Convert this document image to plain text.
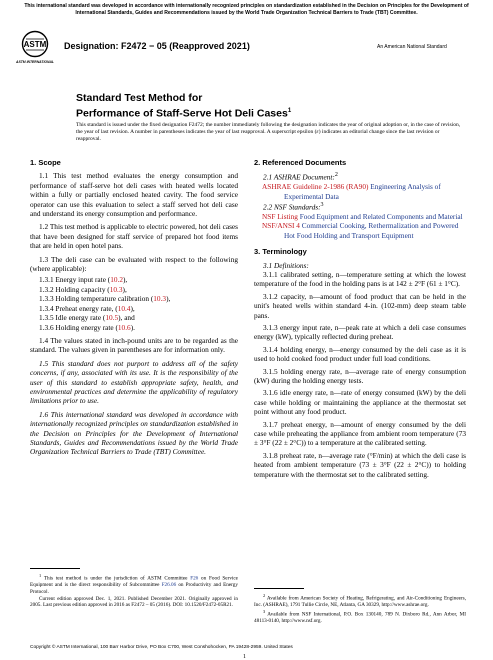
This international standard was developed in accordance with internationally recognized principles on standardization established in the Decision on Principles for the Development of International Standards, Guides and Recommendations issued by the World Trade Organization Technical Barriers to Trade (TBT) Committee.
ASTM
ASTM INTERNATIONAL
Designation: F2472 − 05 (Reapproved 2021)	An American National Standard
Standard Test Method for
Performance of Staff-Serve Hot Deli Cases$^1$
This standard is issued under the fixed designation F2472; the number immediately following the designation indicates the year of original adoption or, in the case of revision, the year of last revision. A number in parentheses indicates the year of last reapproval. A superscript epsilon (ε) indicates an editorial change since the last revision or reapproval.

1. Scope

1.1 This test method evaluates the energy consumption and performance of staff-serve hot deli cases with heated wells located within a fully or partially enclosed heated cavity. The food service operator can use this evaluation to select a staff served hot deli case and understand its energy consumption and performance.

1.2 This test method is applicable to electric powered, hot deli cases that have been designed for staff service of prepared hot food items that are held in open hotel pans.

1.3 The deli case can be evaluated with respect to the following (where applicable):

1.3.1 Energy input rate (10.2),

1.3.2 Holding capacity (10.3),

1.3.3 Holding temperature calibration (10.3),

1.3.4 Preheat energy rate, (10.4),

1.3.5 Idle energy rate (10.5), and

1.3.6 Holding energy rate (10.6).

1.4 The values stated in inch-pound units are to be regarded as the standard. The values given in parentheses are for information only.

1.5 This standard does not purport to address all of the safety concerns, if any, associated with its use. It is the responsibility of the user of this standard to establish appropriate safety, health, and environmental practices and determine the applicability of regulatory limitations prior to use.

1.6 This international standard was developed in accordance with internationally recognized principles on standardization established in the Decision on Principles for the Development of International Standards, Guides and Recommendations issued by the World Trade Organization Technical Barriers to Trade (TBT) Committee.

$^1$ This test method is under the jurisdiction of ASTM Committee F26 on Food Service Equipment and is the direct responsibility of Subcommittee F26.06 on Productivity and Energy Protocol.

Current edition approved Dec. 1, 2021. Published December 2021. Originally approved in 2005. Last previous edition approved in 2016 as F2472 – 05 (2016). DOI: 10.1520/F2472-05R21.

2. Referenced Documents

2.1 ASHRAE Document:$^2$

ASHRAE Guideline 2-1986 (RA90) Engineering Analysis of Experimental Data

2.2 NSF Standards:$^3$

NSF Listing Food Equipment and Related Components and Material

NSF/ANSI 4 Commercial Cooking, Rethermalization and Powered Hot Food Holding and Transport Equipment

3. Terminology

3.1 Definitions:

3.1.1 calibrated setting, n—temperature setting at which the lowest temperature of the food in the holding pans is at 142 ± 2°F (61 ± 1°C).

3.1.2 capacity, n—amount of food product that can be held in the unit's heated wells within standard 4-in. (102-mm) deep steam table pans.

3.1.3 energy input rate, n—peak rate at which a deli case consumes energy (kW), typically reflected during preheat.

3.1.4 holding energy, n—energy consumed by the deli case as it is used to hold cooked food product under full load conditions.

3.1.5 holding energy rate, n—average rate of energy consumption (kW) during the holding energy tests.

3.1.6 idle energy rate, n—rate of energy consumed (kW) by the deli case while holding or maintaining the appliance at the thermostat set point without any food product.

3.1.7 preheat energy, n—amount of energy consumed by the deli case while preheating the appliance from ambient room temperature (73 ± 3°F (22 ± 2°C)) to a temperature at the calibrated setting.

3.1.8 preheat rate, n—average rate (°F/min) at which the deli case is heated from ambient temperature (73 ± 3°F (22 ± 2°C)) to holding temperature with the thermostat set to the calibrated setting.

$^2$ Available from American Society of Heating, Refrigerating, and Air-Conditioning Engineers, Inc. (ASHRAE), 1791 Tullie Circle, NE, Atlanta, GA 30329, http://www.ashrae.org.

$^3$ Available from NSF International, P.O. Box 130140, 789 N. Dixboro Rd., Ann Arbor, MI 48113-0140, http://www.nsf.org.

Copyright © ASTM International, 100 Barr Harbor Drive, PO Box C700, West Conshohocken, PA 19428-2959. United States
1
